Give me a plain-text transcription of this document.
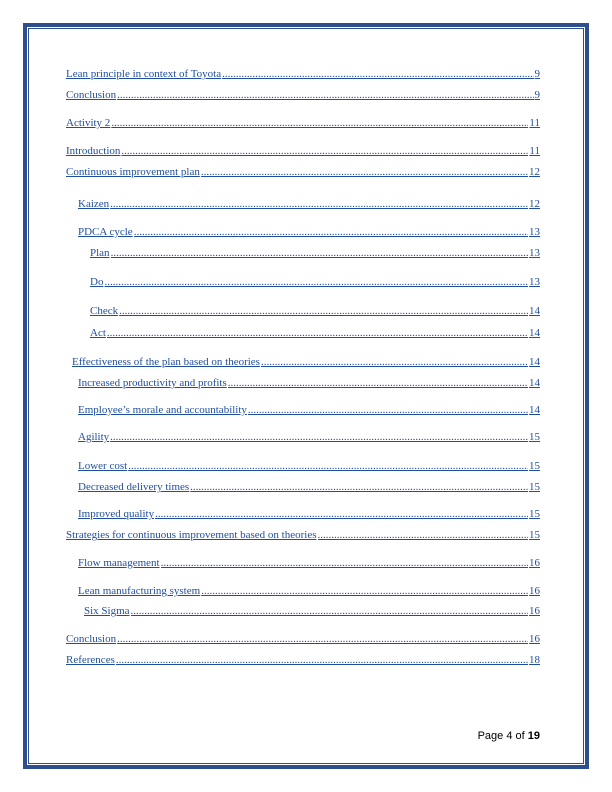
Lean principle in context of Toyota .....	9
Conclusion .....	9
Activity 2 .....	11
Introduction .....	11
Continuous improvement plan .....	12
Kaizen .....	12
PDCA cycle .....	13
Plan .....	13
Do .....	13
Check .....	14
Act .....	14
Effectiveness of the plan based on theories .....	14
Increased productivity and profits .....	14
Employee’s morale and accountability .....	14
Agility .....	15
Lower cost .....	15
Decreased delivery times .....	15
Improved quality .....	15
Strategies for continuous improvement based on theories .....	15
Flow management .....	16
Lean manufacturing system .....	16
Six Sigma .....	16
Conclusion .....	16
References .....	18
Page 4 of 19
